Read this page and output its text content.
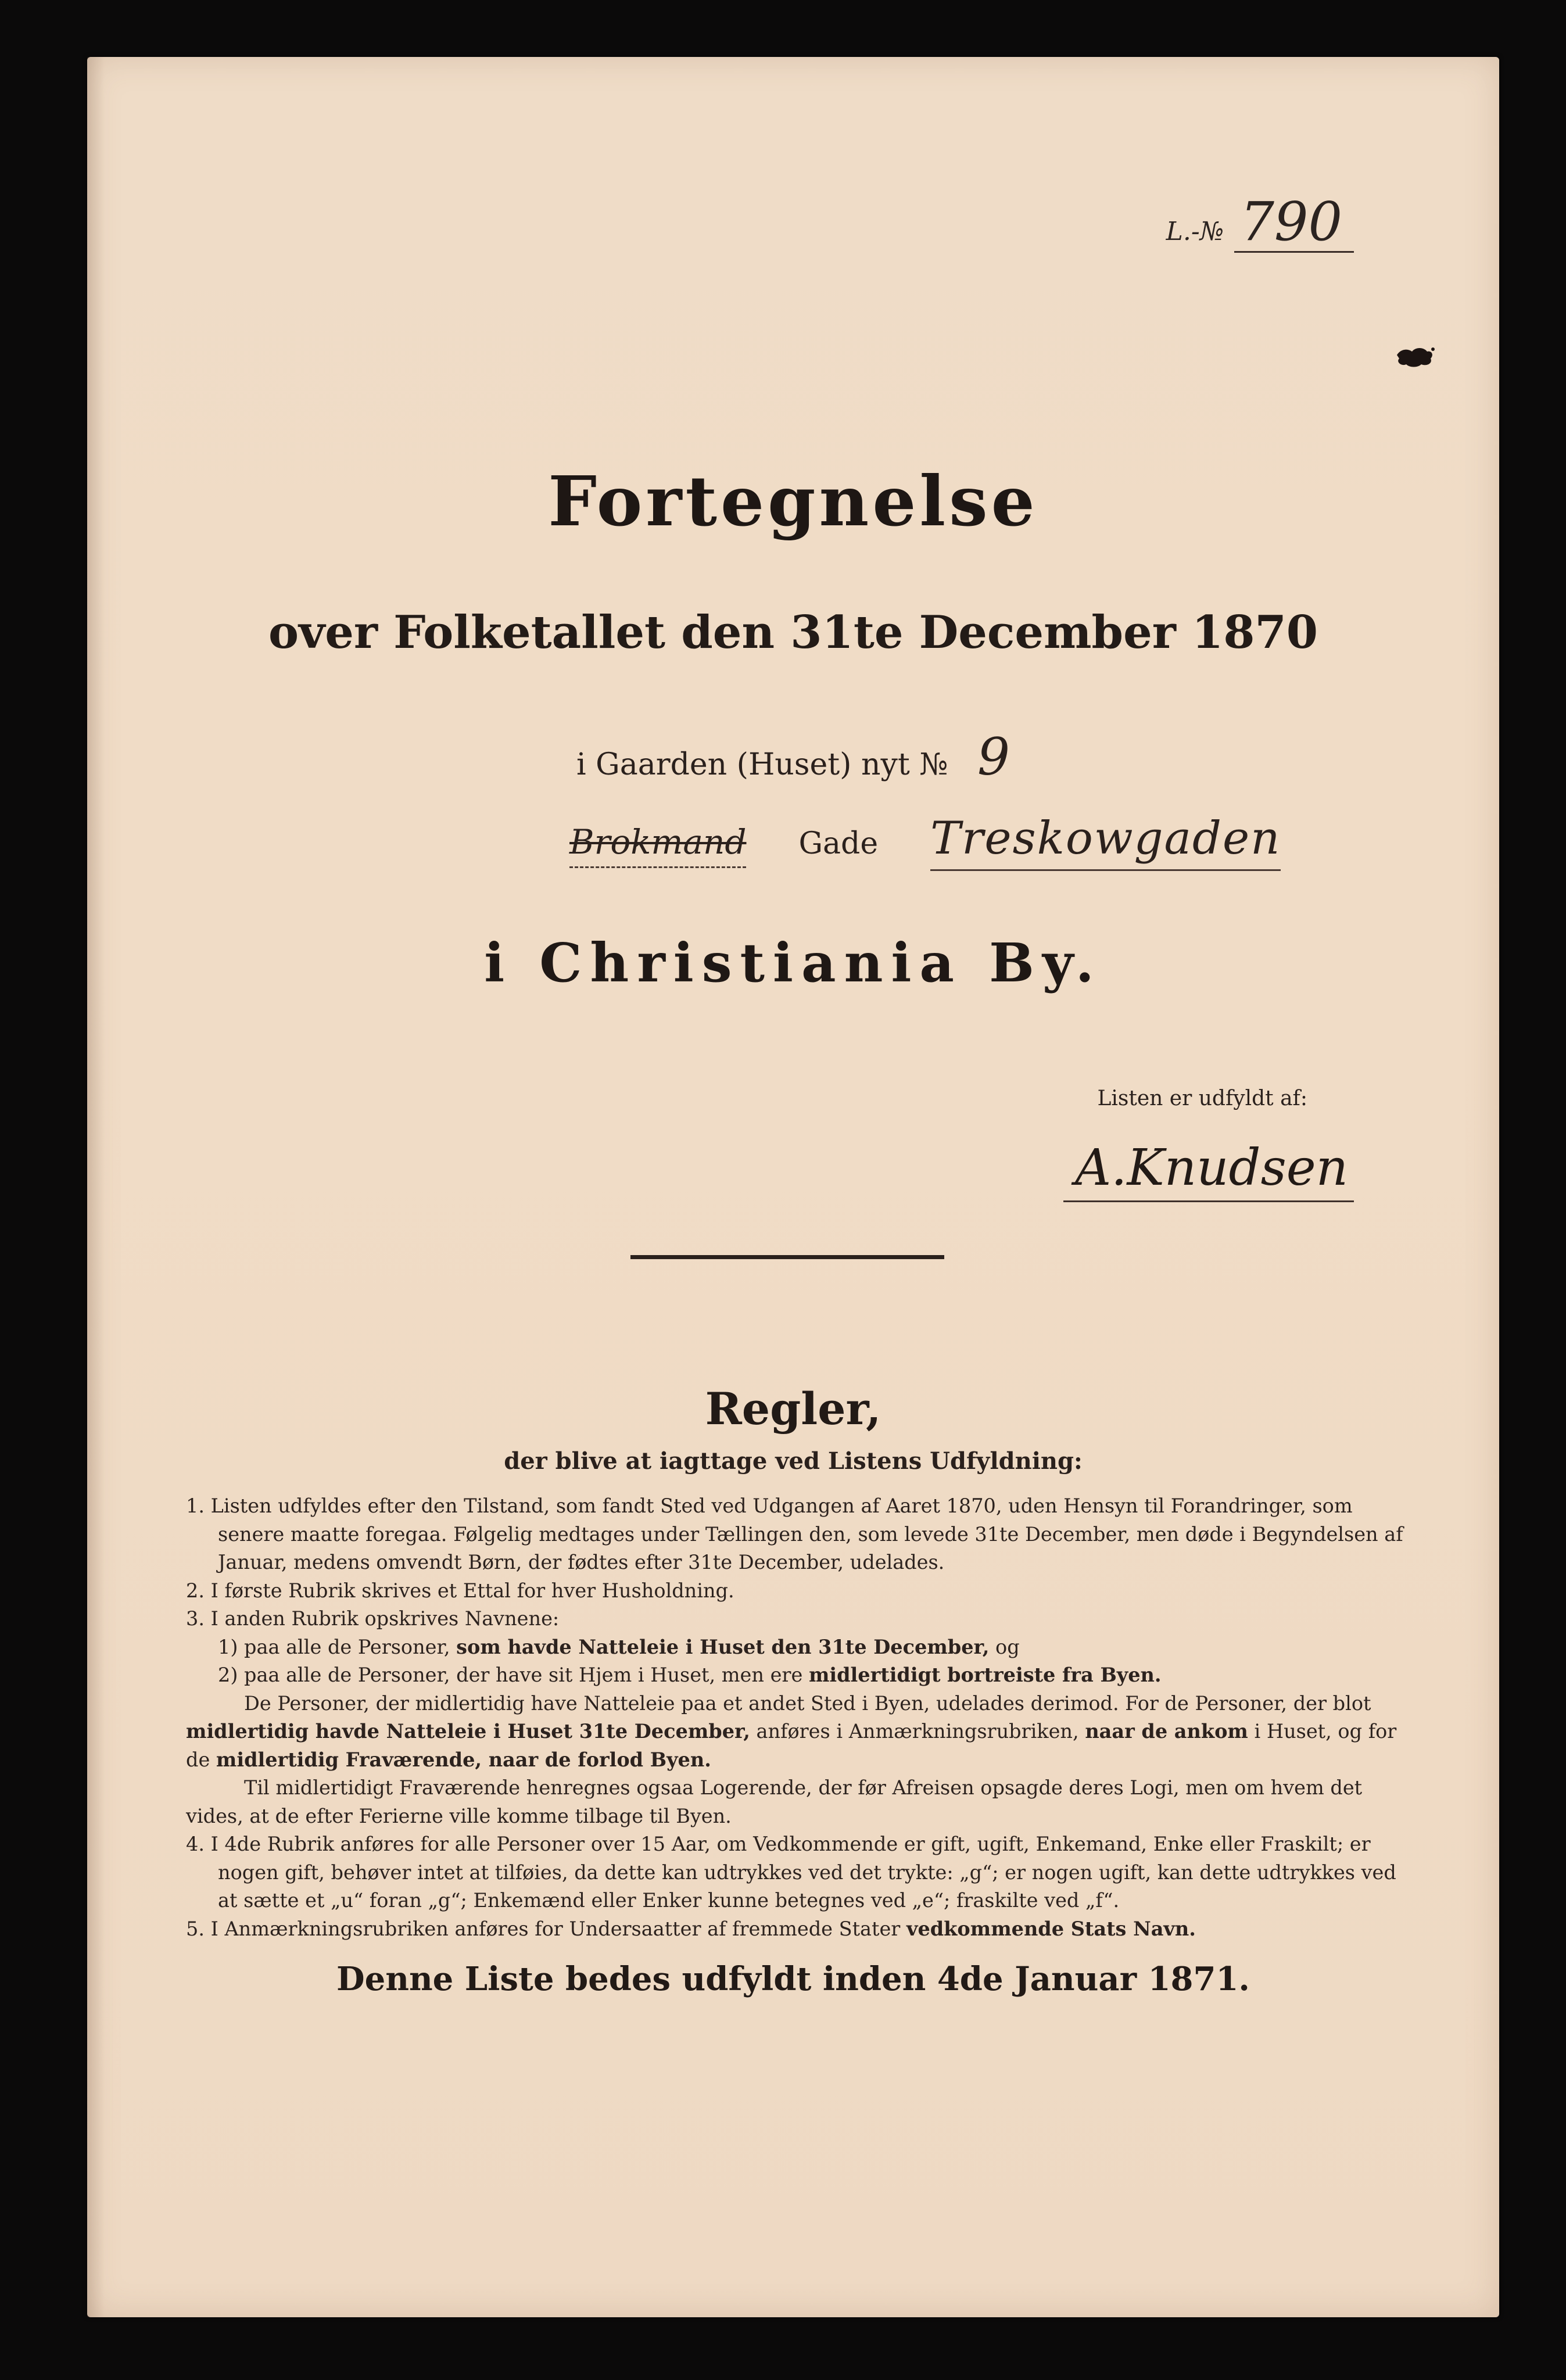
L.-№ 790
Fortegnelse
over Folketallet den 31te December 1870
i Gaarden (Huset) nyt № 9
Brokmand Gade Treskowgaden
i Christiania By.
Listen er udfyldt af:
A.Knudsen
Regler,
der blive at iagttage ved Listens Udfyldning:

1. Listen udfyldes efter den Tilstand, som fandt Sted ved Udgangen af Aaret 1870, uden Hensyn til Forandringer, som senere maatte foregaa. Følgelig medtages under Tællingen den, som levede 31te December, men døde i Begyndelsen af Januar, medens omvendt Børn, der fødtes efter 31te December, udelades.

2. I første Rubrik skrives et Ettal for hver Husholdning.

3. I anden Rubrik opskrives Navnene:

1) paa alle de Personer, som havde Natteleie i Huset den 31te December, og

2) paa alle de Personer, der have sit Hjem i Huset, men ere midlertidigt bortreiste fra Byen.

De Personer, der midlertidig have Natteleie paa et andet Sted i Byen, udelades derimod. For de Personer, der blot midlertidig havde Natteleie i Huset 31te December, anføres i Anmærkningsrubriken, naar de ankom i Huset, og for de midlertidig Fraværende, naar de forlod Byen.

Til midlertidigt Fraværende henregnes ogsaa Logerende, der før Afreisen opsagde deres Logi, men om hvem det vides, at de efter Ferierne ville komme tilbage til Byen.

4. I 4de Rubrik anføres for alle Personer over 15 Aar, om Vedkommende er gift, ugift, Enkemand, Enke eller Fraskilt; er nogen gift, behøver intet at tilføies, da dette kan udtrykkes ved det trykte: „g“; er nogen ugift, kan dette udtrykkes ved at sætte et „u“ foran „g“; Enkemænd eller Enker kunne betegnes ved „e“; fraskilte ved „f“.

5. I Anmærkningsrubriken anføres for Undersaatter af fremmede Stater vedkommende Stats Navn.

Denne Liste bedes udfyldt inden 4de Januar 1871.
